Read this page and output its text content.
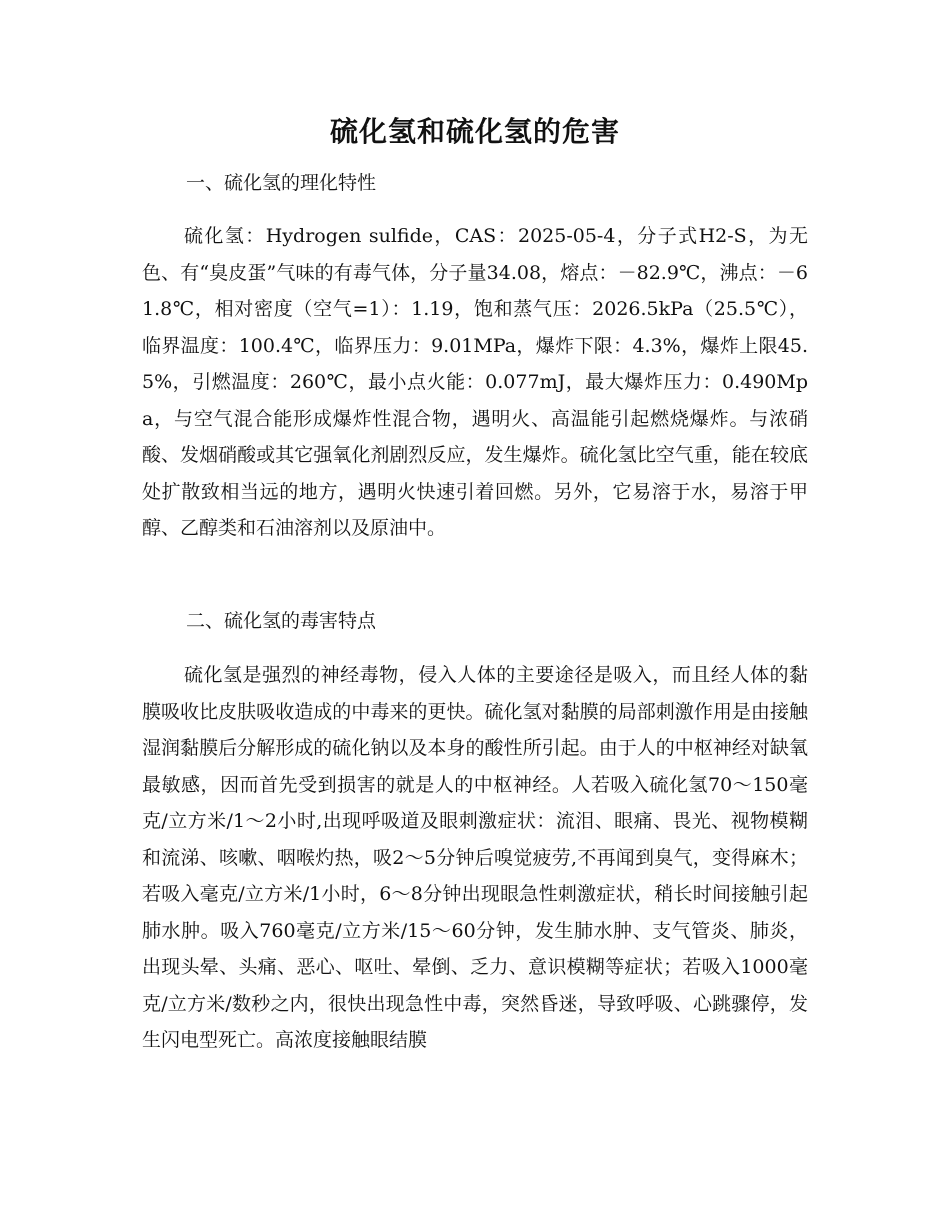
硫化氢和硫化氢的危害
一、硫化氢的理化特性

硫化氢：Hydrogen sulfide，CAS：2025-05-4，分子式H2-S，为无色、有“臭皮蛋”气味的有毒气体，分子量34.08，熔点：－82.9℃，沸点：－61.8℃，相对密度（空气=1）：1.19，饱和蒸气压：2026.5kPa（25.5℃），临界温度：100.4℃，临界压力：9.01MPa，爆炸下限：4.3%，爆炸上限45.5%，引燃温度：260℃，最小点火能：0.077mJ，最大爆炸压力：0.490Mpa，与空气混合能形成爆炸性混合物，遇明火、高温能引起燃烧爆炸。与浓硝酸、发烟硝酸或其它强氧化剂剧烈反应，发生爆炸。硫化氢比空气重，能在较底处扩散致相当远的地方，遇明火快速引着回燃。另外，它易溶于水，易溶于甲醇、乙醇类和石油溶剂以及原油中。

二、硫化氢的毒害特点

硫化氢是强烈的神经毒物，侵入人体的主要途径是吸入，而且经人体的黏膜吸收比皮肤吸收造成的中毒来的更快。硫化氢对黏膜的局部刺激作用是由接触湿润黏膜后分解形成的硫化钠以及本身的酸性所引起。由于人的中枢神经对缺氧最敏感，因而首先受到损害的就是人的中枢神经。人若吸入硫化氢70～150毫克/立方米/1～2小时,出现呼吸道及眼刺激症状：流泪、眼痛、畏光、视物模糊和流涕、咳嗽、咽喉灼热，吸2～5分钟后嗅觉疲劳,不再闻到臭气，变得麻木；若吸入毫克/立方米/1小时，6～8分钟出现眼急性刺激症状，稍长时间接触引起肺水肿。吸入760毫克/立方米/15～60分钟，发生肺水肿、支气管炎、肺炎，出现头晕、头痛、恶心、呕吐、晕倒、乏力、意识模糊等症状；若吸入1000毫克/立方米/数秒之内，很快出现急性中毒，突然昏迷，导致呼吸、心跳骤停，发生闪电型死亡。高浓度接触眼结膜
